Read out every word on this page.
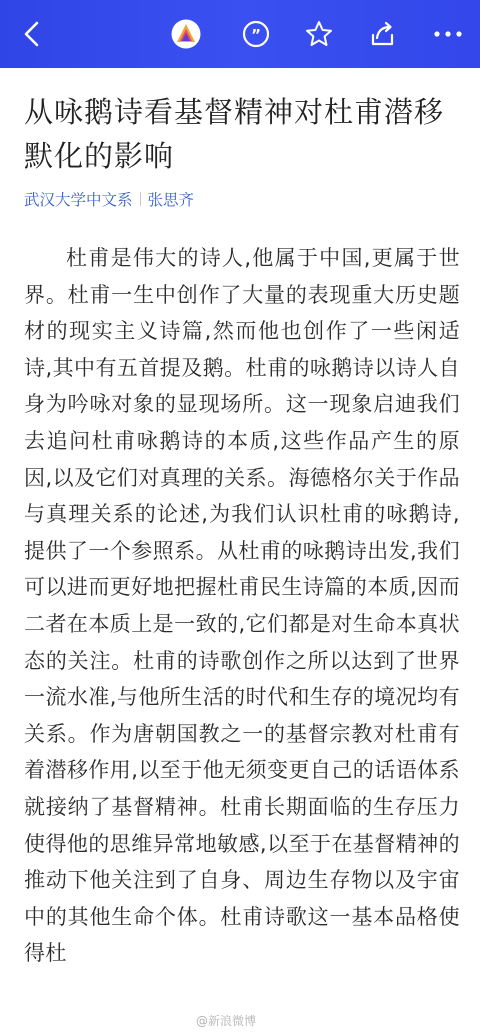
”
从咏鹅诗看基督精神对杜甫潜移默化的影响
武汉大学中文系 张思齐

杜甫是伟大的诗人,他属于中国,更属于世界。杜甫一生中创作了大量的表现重大历史题材的现实主义诗篇,然而他也创作了一些闲适诗,其中有五首提及鹅。杜甫的咏鹅诗以诗人自身为吟咏对象的显现场所。这一现象启迪我们去追问杜甫咏鹅诗的本质,这些作品产生的原因,以及它们对真理的关系。海德格尔关于作品与真理关系的论述,为我们认识杜甫的咏鹅诗,提供了一个参照系。从杜甫的咏鹅诗出发,我们可以进而更好地把握杜甫民生诗篇的本质,因而二者在本质上是一致的,它们都是对生命本真状态的关注。杜甫的诗歌创作之所以达到了世界一流水准,与他所生活的时代和生存的境况均有关系。作为唐朝国教之一的基督宗教对杜甫有着潜移作用,以至于他无须变更自己的话语体系就接纳了基督精神。杜甫长期面临的生存压力使得他的思维异常地敏感,以至于在基督精神的推动下他关注到了自身、周边生存物以及宇宙中的其他生命个体。杜甫诗歌这一基本品格使得杜

@新浪微博
